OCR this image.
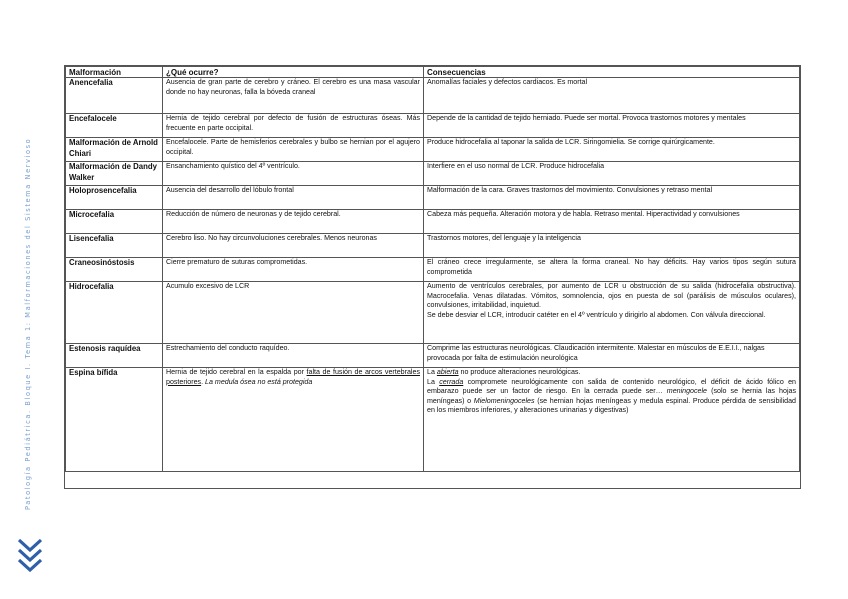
Patología Pediátrica. Bloque I. Tema 1: Malformaciones del Sistema Nervioso
Malformación	¿Qué ocurre?	Consecuencias
Anencefalia	Ausencia de gran parte de cerebro y cráneo. El cerebro es una masa vascular donde no hay neuronas, falla la bóveda craneal	Anomalías faciales y defectos cardiacos. Es mortal
Encefalocele	Hernia de tejido cerebral por defecto de fusión de estructuras óseas. Más frecuente en parte occipital.	Depende de la cantidad de tejido herniado. Puede ser mortal. Provoca trastornos motores y mentales
Malformación de Arnold Chiari	Encefalocele. Parte de hemisferios cerebrales y bulbo se hernian por el agujero occipital.	Produce hidrocefalia al taponar la salida de LCR. Siringomielia. Se corrige quirúrgicamente.
Malformación de Dandy Walker	Ensanchamiento quístico del 4º ventrículo.	Interfiere en el uso normal de LCR. Produce hidrocefalia
Holoprosencefalia	Ausencia del desarrollo del lóbulo frontal	Malformación de la cara. Graves trastornos del movimiento. Convulsiones y retraso mental
Microcefalia	Reducción de número de neuronas y de tejido cerebral.	Cabeza más pequeña. Alteración motora y de habla. Retraso mental. Hiperactividad y convulsiones
Lisencefalia	Cerebro liso. No hay circunvoluciones cerebrales. Menos neuronas	Trastornos motores, del lenguaje y la inteligencia
Craneosinóstosis	Cierre prematuro de suturas comprometidas.	El cráneo crece irregularmente, se altera la forma craneal. No hay déficits. Hay varios tipos según sutura comprometida
Hidrocefalia	Acumulo excesivo de LCR	Aumento de ventrículos cerebrales, por aumento de LCR u obstrucción de su salida (hidrocefalia obstructiva). Macrocefalia. Venas dilatadas. Vómitos, somnolencia, ojos en puesta de sol (parálisis de músculos oculares), convulsiones, irritabilidad, inquietud.
Se debe desviar el LCR, introducir catéter en el 4º ventrículo y dirigirlo al abdomen. Con válvula direccional.

Estenosis raquídea	Estrechamiento del conducto raquídeo.	Comprime las estructuras neurológicas. Claudicación intermitente. Malestar en músculos de E.E.I.I., nalgas provocada por falta de estimulación neurológica
Espina bífida	Hernia de tejido cerebral en la espalda por falta de fusión de arcos vertebrales posteriores. La medula ósea no está protegida	La abierta no produce alteraciones neurológicas.
La cerrada compromete neurológicamente con salida de contenido neurológico, el déficit de ácido fólico en embarazo puede ser un factor de riesgo. En la cerrada puede ser… meningocele (solo se hernia las hojas meníngeas) o Mielomeningoceles (se hernian hojas meníngeas y medula espinal. Produce pérdida de sensibilidad en los miembros inferiores, y alteraciones urinarias y digestivas)
